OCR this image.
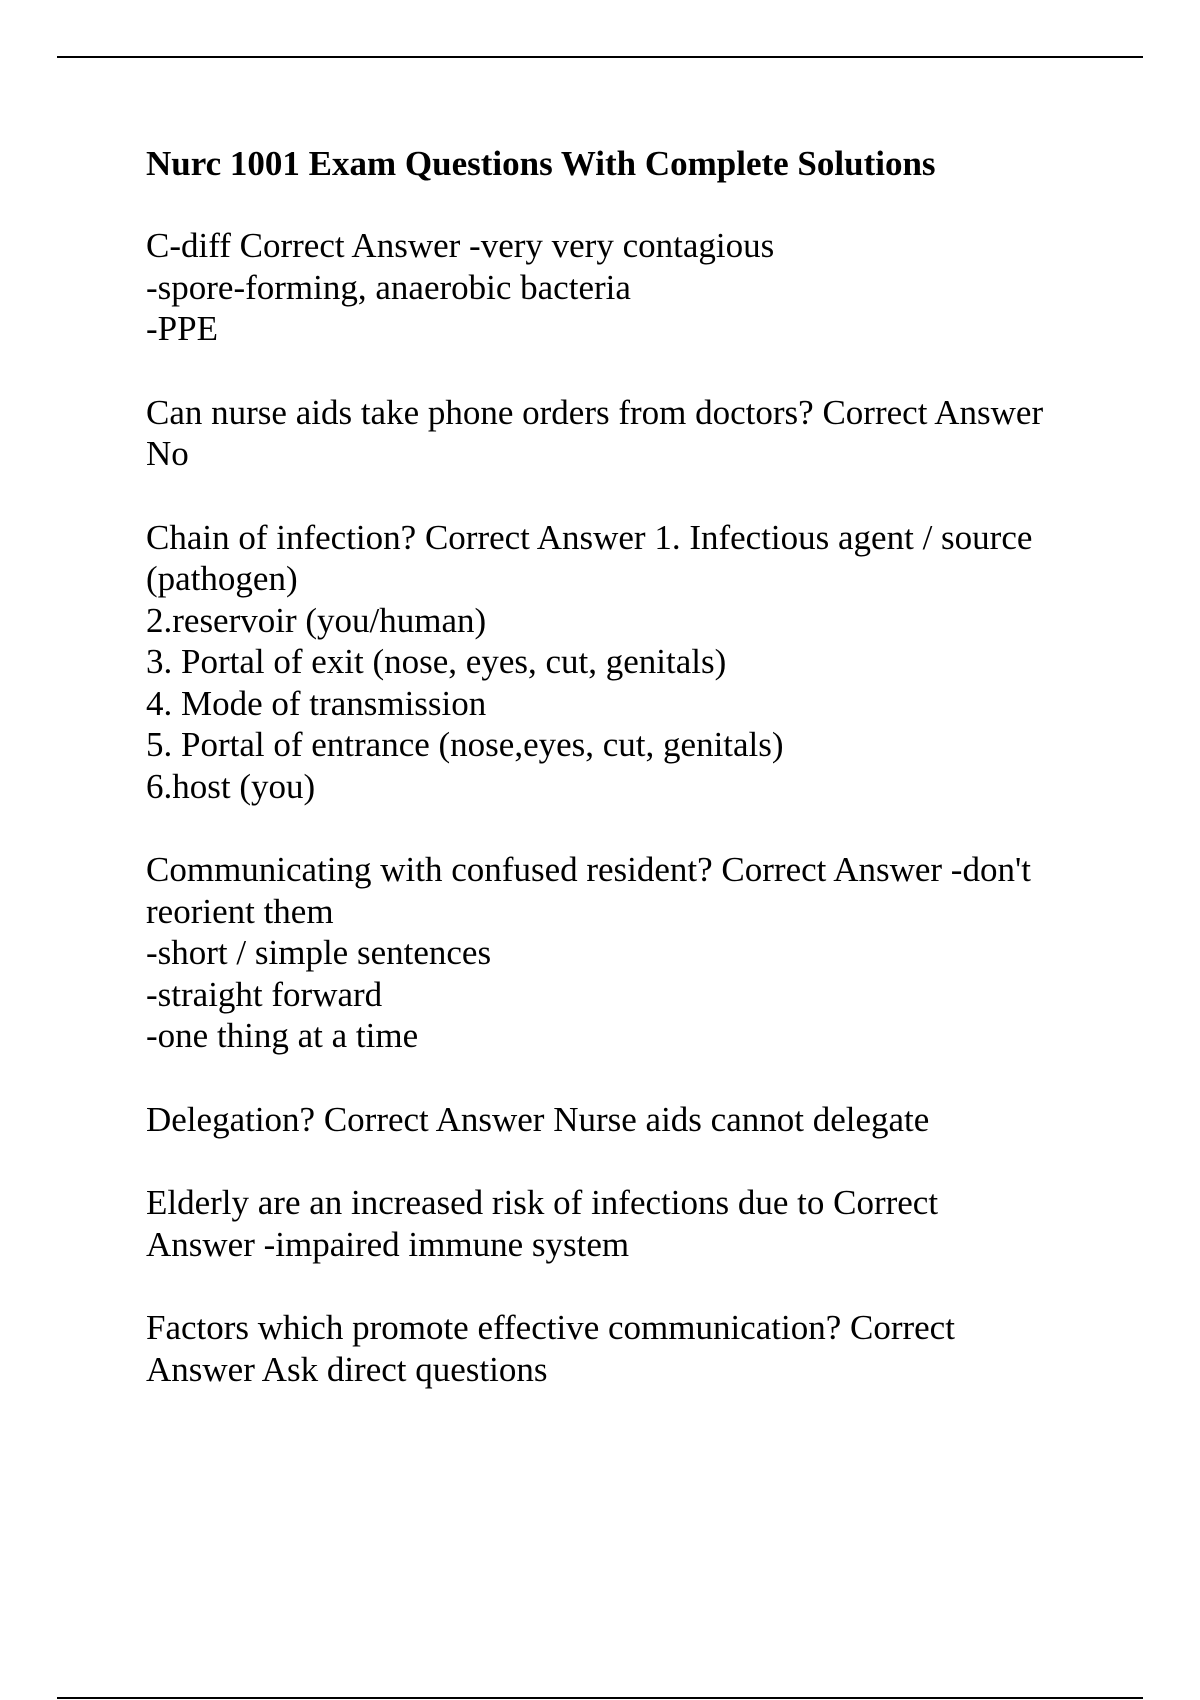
Nurc 1001 Exam Questions With Complete Solutions
C-diff Correct Answer -very very contagious
-spore-forming, anaerobic bacteria
-PPE
Can nurse aids take phone orders from doctors? Correct Answer
No
Chain of infection? Correct Answer 1. Infectious agent / source
(pathogen)
2.reservoir (you/human)
3. Portal of exit (nose, eyes, cut, genitals)
4. Mode of transmission
5. Portal of entrance (nose,eyes, cut, genitals)
6.host (you)
Communicating with confused resident? Correct Answer -don't
reorient them
-short / simple sentences
-straight forward
-one thing at a time
Delegation? Correct Answer Nurse aids cannot delegate
Elderly are an increased risk of infections due to Correct
Answer -impaired immune system
Factors which promote effective communication? Correct
Answer Ask direct questions
